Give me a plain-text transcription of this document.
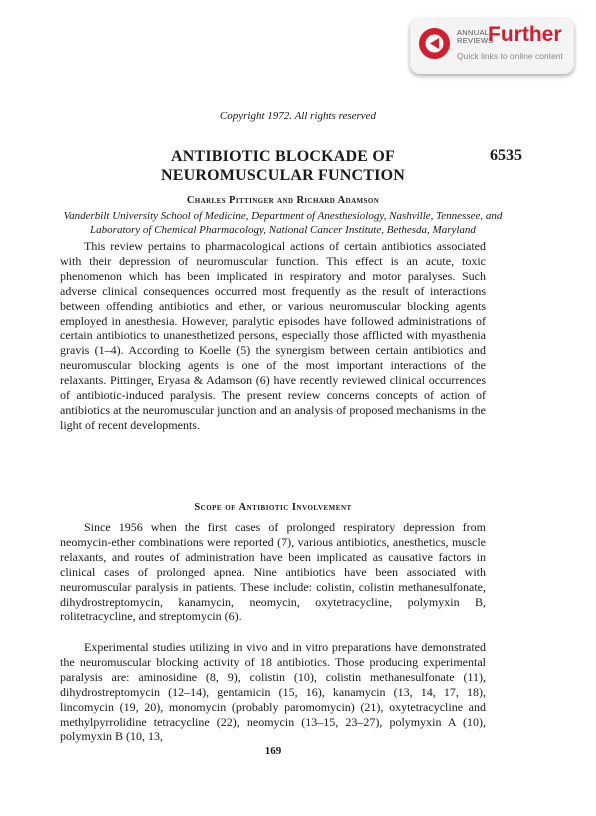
ANNUAL
REVIEWS
Further
Quick links to online content
Copyright 1972. All rights reserved
ANTIBIOTIC BLOCKADE OF NEUROMUSCULAR FUNCTION
6535
Charles Pittinger and Richard Adamson
Vanderbilt University School of Medicine, Department of Anesthesiology, Nashville, Tennessee, and Laboratory of Chemical Pharmacology, National Cancer Institute, Bethesda, Maryland

This review pertains to pharmacological actions of certain antibiotics associated with their depression of neuromuscular function. This effect is an acute, toxic phenomenon which has been implicated in respiratory and motor paralyses. Such adverse clinical consequences occurred most frequently as the result of interactions between offending antibiotics and ether, or various neuromuscular blocking agents employed in anesthesia. However, paralytic episodes have followed administrations of certain antibiotics to unanesthetized persons, especially those afflicted with myasthenia gravis (1–4). According to Koelle (5) the synergism between certain antibiotics and neuromuscular blocking agents is one of the most important interactions of the relaxants. Pittinger, Eryasa & Adamson (6) have recently reviewed clinical occurrences of antibiotic-induced paralysis. The present review concerns concepts of action of antibiotics at the neuromuscular junction and an analysis of proposed mechanisms in the light of recent developments.

Scope of Antibiotic Involvement

Since 1956 when the first cases of prolonged respiratory depression from neomycin-ether combinations were reported (7), various antibiotics, anesthetics, muscle relaxants, and routes of administration have been implicated as causative factors in clinical cases of prolonged apnea. Nine antibiotics have been associated with neuromuscular paralysis in patients. These include: colistin, colistin methanesulfonate, dihydrostreptomycin, kanamycin, neomycin, oxytetracycline, polymyxin B, rolitetracycline, and streptomycin (6).

Experimental studies utilizing in vivo and in vitro preparations have demonstrated the neuromuscular blocking activity of 18 antibiotics. Those producing experimental paralysis are: aminosidine (8, 9), colistin (10), colistin methanesulfonate (11), dihydrostreptomycin (12–14), gentamicin (15, 16), kanamycin (13, 14, 17, 18), lincomycin (19, 20), monomycin (probably paromomycin) (21), oxytetracycline and methylpyrrolidine tetracycline (22), neomycin (13–15, 23–27), polymyxin A (10), polymyxin B (10, 13,

169
